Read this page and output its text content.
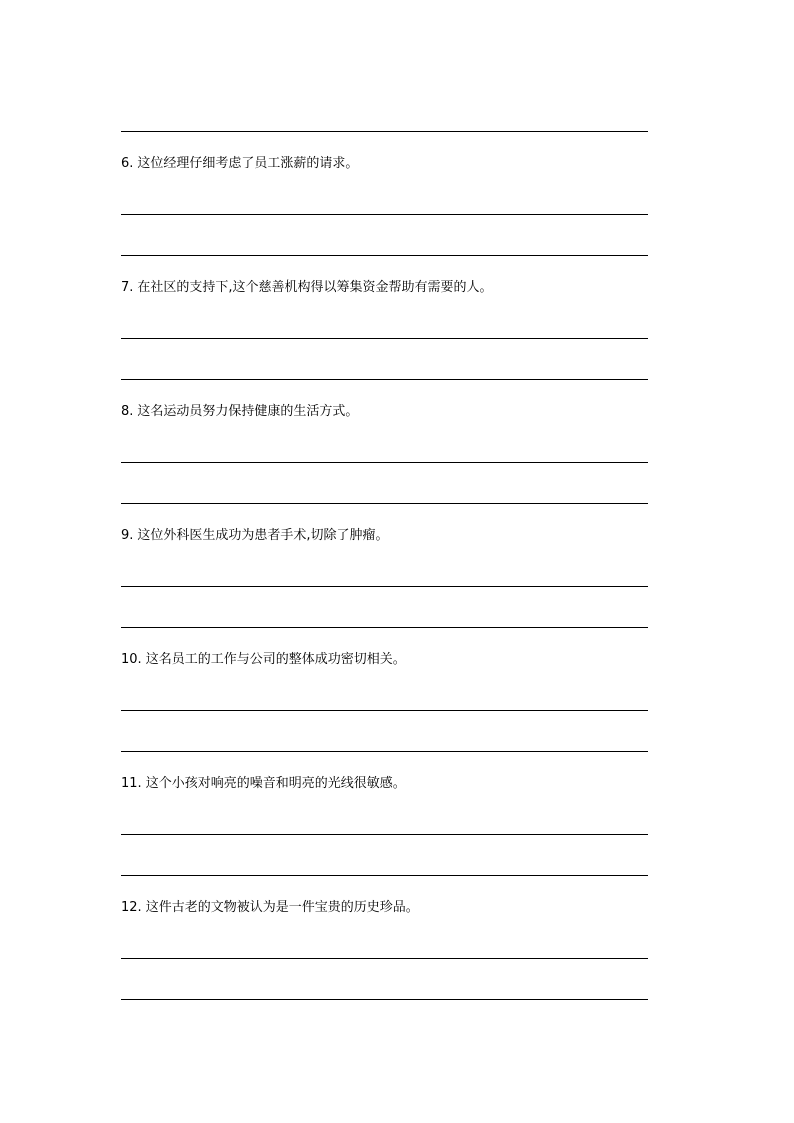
6. 这位经理仔细考虑了员工涨薪的请求。
7. 在社区的支持下,这个慈善机构得以筹集资金帮助有需要的人。
8. 这名运动员努力保持健康的生活方式。
9. 这位外科医生成功为患者手术,切除了肿瘤。
10. 这名员工的工作与公司的整体成功密切相关。
11. 这个小孩对响亮的噪音和明亮的光线很敏感。
12. 这件古老的文物被认为是一件宝贵的历史珍品。
